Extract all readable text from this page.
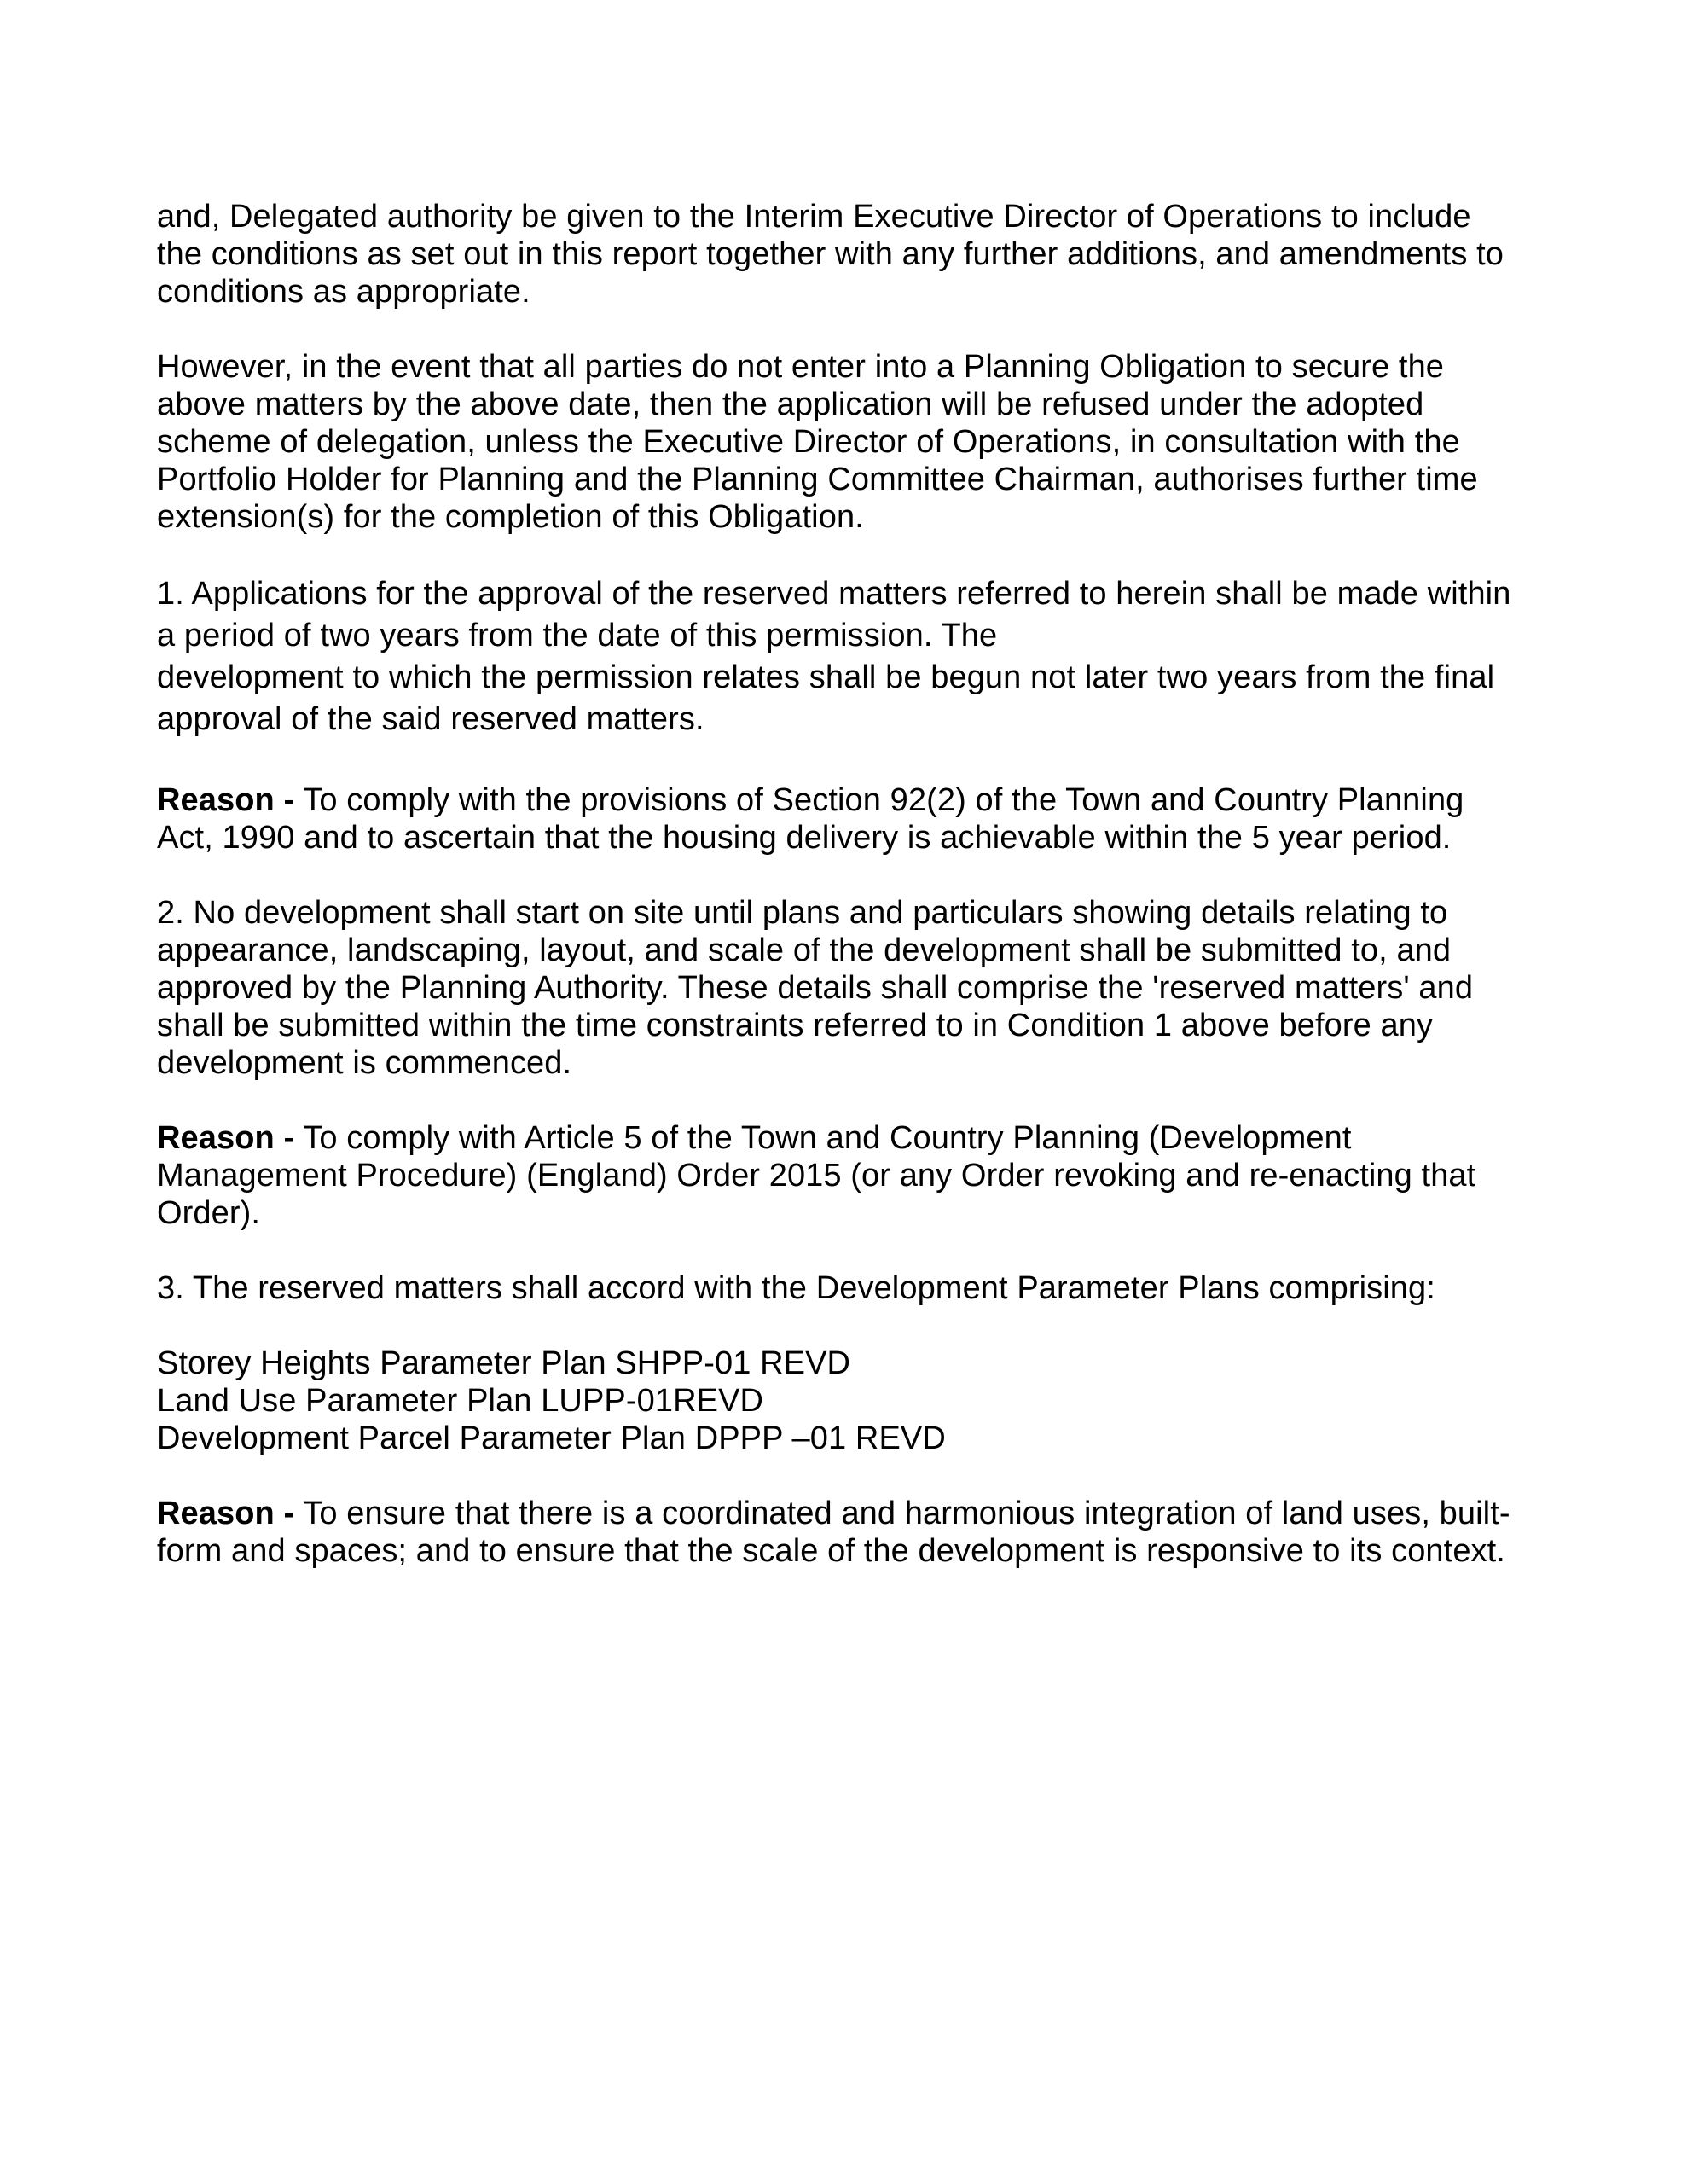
and, Delegated authority be given to the Interim Executive Director of Operations to include
the conditions as set out in this report together with any further additions, and amendments to
conditions as appropriate.

However, in the event that all parties do not enter into a Planning Obligation to secure the
above matters by the above date, then the application will be refused under the adopted
scheme of delegation, unless the Executive Director of Operations, in consultation with the
Portfolio Holder for Planning and the Planning Committee Chairman, authorises further time
extension(s) for the completion of this Obligation.

1. Applications for the approval of the reserved matters referred to herein shall be made within
a period of two years from the date of this permission. The
development to which the permission relates shall be begun not later two years from the final
approval of the said reserved matters.

Reason - To comply with the provisions of Section 92(2) of the Town and Country Planning
Act, 1990 and to ascertain that the housing delivery is achievable within the 5 year period.

2. No development shall start on site until plans and particulars showing details relating to
appearance, landscaping, layout, and scale of the development shall be submitted to, and
approved by the Planning Authority. These details shall comprise the 'reserved matters' and
shall be submitted within the time constraints referred to in Condition 1 above before any
development is commenced.

Reason - To comply with Article 5 of the Town and Country Planning (Development
Management Procedure) (England) Order 2015 (or any Order revoking and re-enacting that
Order).

3. The reserved matters shall accord with the Development Parameter Plans comprising:

Storey Heights Parameter Plan SHPP-01 REVD
Land Use Parameter Plan LUPP-01REVD
Development Parcel Parameter Plan DPPP –01 REVD

Reason - To ensure that there is a coordinated and harmonious integration of land uses, built-
form and spaces; and to ensure that the scale of the development is responsive to its context.
